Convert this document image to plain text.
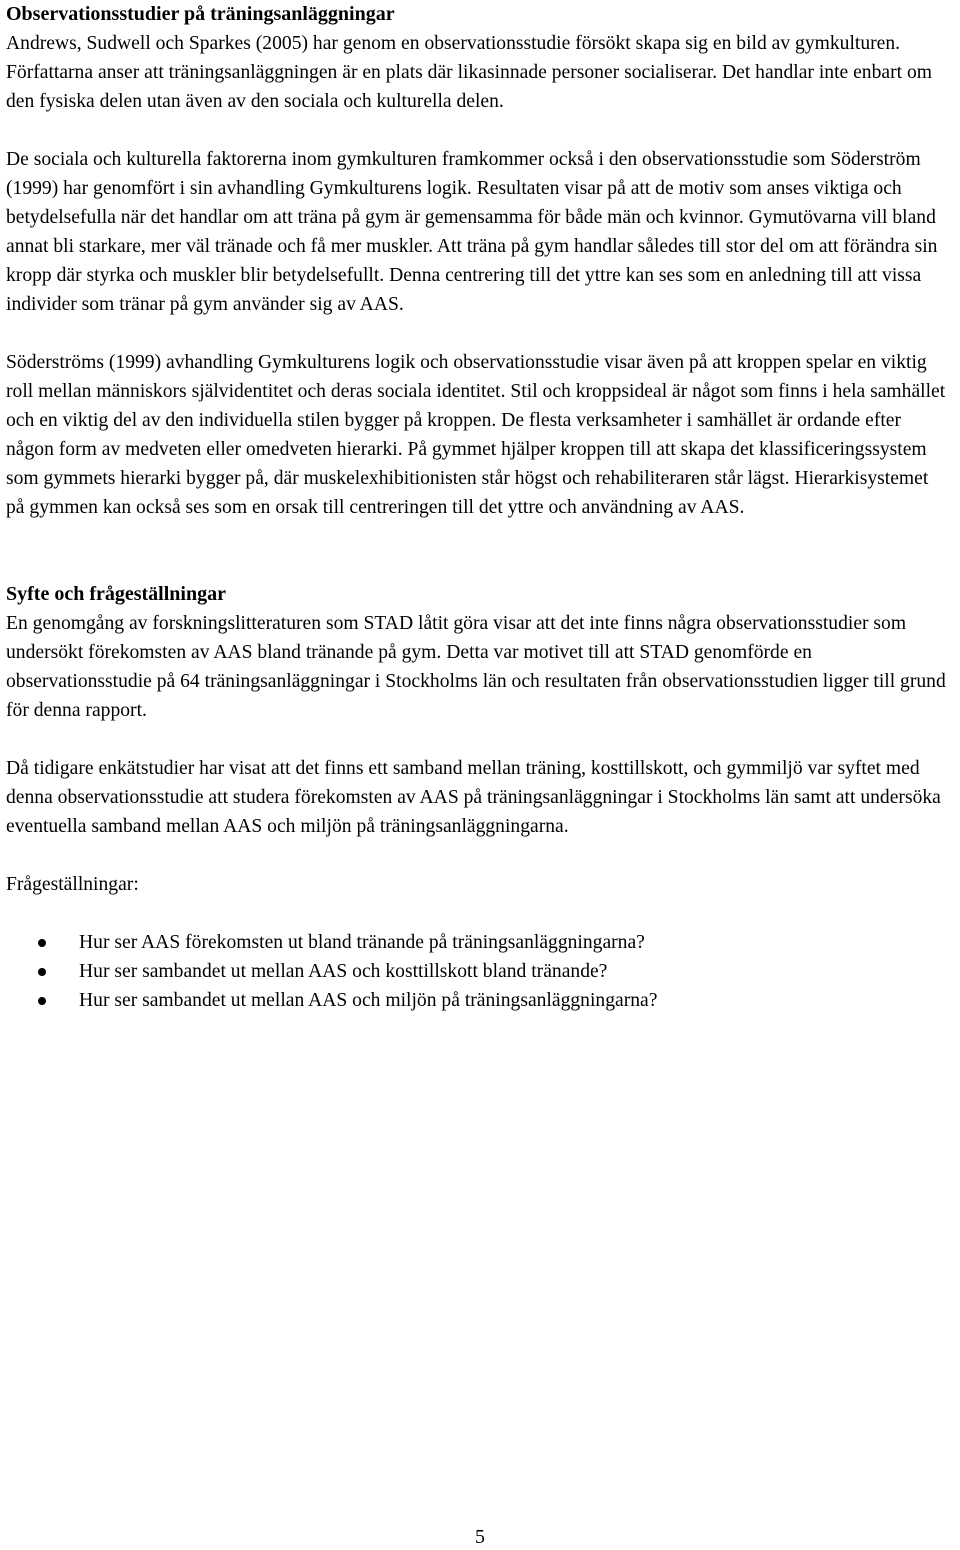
Observationsstudier på träningsanläggningar

Andrews, Sudwell och Sparkes (2005) har genom en observationsstudie försökt skapa sig en bild av gymkulturen. Författarna anser att träningsanläggningen är en plats där likasinnade personer socialiserar. Det handlar inte enbart om den fysiska delen utan även av den sociala och kulturella delen.

De sociala och kulturella faktorerna inom gymkulturen framkommer också i den observationsstudie som Söderström (1999) har genomfört i sin avhandling Gymkulturens logik. Resultaten visar på att de motiv som anses viktiga och betydelsefulla när det handlar om att träna på gym är gemensamma för både män och kvinnor. Gymutövarna vill bland annat bli starkare, mer väl tränade och få mer muskler. Att träna på gym handlar således till stor del om att förändra sin kropp där styrka och muskler blir betydelsefullt. Denna centrering till det yttre kan ses som en anledning till att vissa individer som tränar på gym använder sig av AAS.

Söderströms (1999) avhandling Gymkulturens logik och observationsstudie visar även på att kroppen spelar en viktig roll mellan människors självidentitet och deras sociala identitet. Stil och kroppsideal är något som finns i hela samhället och en viktig del av den individuella stilen bygger på kroppen. De flesta verksamheter i samhället är ordande efter någon form av medveten eller omedveten hierarki. På gymmet hjälper kroppen till att skapa det klassificeringssystem som gymmets hierarki bygger på, där muskelexhibitionisten står högst och rehabiliteraren står lägst. Hierarkisystemet på gymmen kan också ses som en orsak till centreringen till det yttre och användning av AAS.

Syfte och frågeställningar

En genomgång av forskningslitteraturen som STAD låtit göra visar att det inte finns några observationsstudier som undersökt förekomsten av AAS bland tränande på gym. Detta var motivet till att STAD genomförde en observationsstudie på 64 träningsanläggningar i Stockholms län och resultaten från observationsstudien ligger till grund för denna rapport.

Då tidigare enkätstudier har visat att det finns ett samband mellan träning, kosttillskott, och gymmiljö var syftet med denna observationsstudie att studera förekomsten av AAS på träningsanläggningar i Stockholms län samt att undersöka eventuella samband mellan AAS och miljön på träningsanläggningarna.

Frågeställningar:

Hur ser AAS förekomsten ut bland tränande på träningsanläggningarna?
Hur ser sambandet ut mellan AAS och kosttillskott bland tränande?
Hur ser sambandet ut mellan AAS och miljön på träningsanläggningarna?
5
